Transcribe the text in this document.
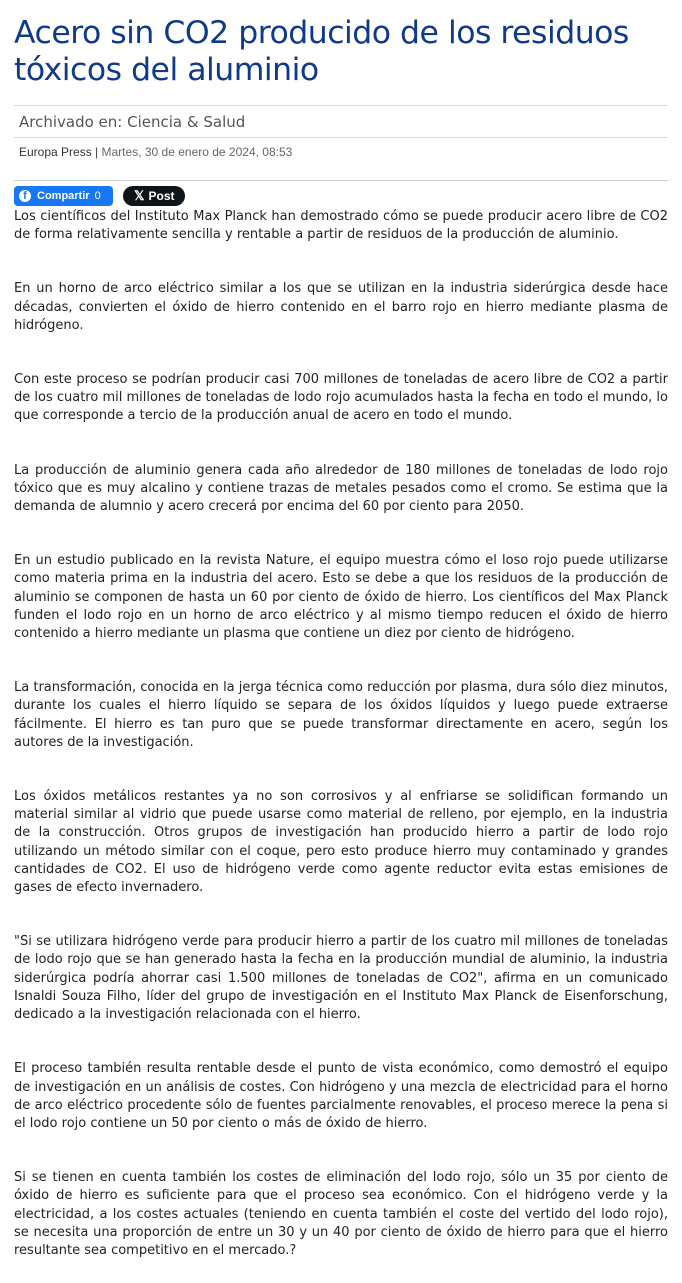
Acero sin CO2 producido de los residuos tóxicos del aluminio
Archivado en: Ciencia & Salud
Europa Press | Martes, 30 de enero de 2024, 08:53
f Compartir 0	𝕏 Post

Los científicos del Instituto Max Planck han demostrado cómo se puede producir acero libre de CO2 de forma relativamente sencilla y rentable a partir de residuos de la producción de aluminio.

En un horno de arco eléctrico similar a los que se utilizan en la industria siderúrgica desde hace décadas, convierten el óxido de hierro contenido en el barro rojo en hierro mediante plasma de hidrógeno.

Con este proceso se podrían producir casi 700 millones de toneladas de acero libre de CO2 a partir de los cuatro mil millones de toneladas de lodo rojo acumulados hasta la fecha en todo el mundo, lo que corresponde a tercio de la producción anual de acero en todo el mundo.

La producción de aluminio genera cada año alrededor de 180 millones de toneladas de lodo rojo tóxico que es muy alcalino y contiene trazas de metales pesados como el cromo. Se estima que la demanda de alumnio y acero crecerá por encima del 60 por ciento para 2050.

En un estudio publicado en la revista Nature, el equipo muestra cómo el loso rojo puede utilizarse como materia prima en la industria del acero. Esto se debe a que los residuos de la producción de aluminio se componen de hasta un 60 por ciento de óxido de hierro. Los científicos del Max Planck funden el lodo rojo en un horno de arco eléctrico y al mismo tiempo reducen el óxido de hierro contenido a hierro mediante un plasma que contiene un diez por ciento de hidrógeno.

La transformación, conocida en la jerga técnica como reducción por plasma, dura sólo diez minutos, durante los cuales el hierro líquido se separa de los óxidos líquidos y luego puede extraerse fácilmente. El hierro es tan puro que se puede transformar directamente en acero, según los autores de la investigación.

Los óxidos metálicos restantes ya no son corrosivos y al enfriarse se solidifican formando un material similar al vidrio que puede usarse como material de relleno, por ejemplo, en la industria de la construcción. Otros grupos de investigación han producido hierro a partir de lodo rojo utilizando un método similar con el coque, pero esto produce hierro muy contaminado y grandes cantidades de CO2. El uso de hidrógeno verde como agente reductor evita estas emisiones de gases de efecto invernadero.

"Si se utilizara hidrógeno verde para producir hierro a partir de los cuatro mil millones de toneladas de lodo rojo que se han generado hasta la fecha en la producción mundial de aluminio, la industria siderúrgica podría ahorrar casi 1.500 millones de toneladas de CO2", afirma en un comunicado Isnaldi Souza Filho, líder del grupo de investigación en el Instituto Max Planck de Eisenforschung, dedicado a la investigación relacionada con el hierro.

El proceso también resulta rentable desde el punto de vista económico, como demostró el equipo de investigación en un análisis de costes. Con hidrógeno y una mezcla de electricidad para el horno de arco eléctrico procedente sólo de fuentes parcialmente renovables, el proceso merece la pena si el lodo rojo contiene un 50 por ciento o más de óxido de hierro.

Si se tienen en cuenta también los costes de eliminación del lodo rojo, sólo un 35 por ciento de óxido de hierro es suficiente para que el proceso sea económico. Con el hidrógeno verde y la electricidad, a los costes actuales (teniendo en cuenta también el coste del vertido del lodo rojo), se necesita una proporción de entre un 30 y un 40 por ciento de óxido de hierro para que el hierro resultante sea competitivo en el mercado.?
